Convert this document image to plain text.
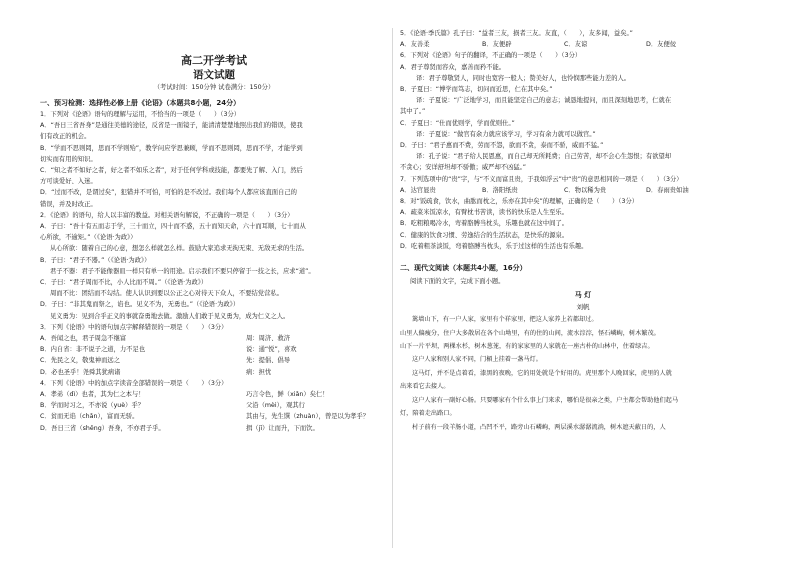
高二开学考试
语文试题
（考试时间：150分钟 试卷满分：150分）
一、预习检测：选择性必修上册《论语》（本题共8小题，24分）
1．下列对《论语》语句的理解与运用，不恰当的一项是（　　）（3分）
A．“吾日三省吾身”是通往美德的途径，反省是一面镜子，能清清楚楚地照出我们的错误，使我
们有改正的机会。
B．“学而不思则罔，思而不学则殆”，教学问应学思兼顾，学而不思则罔，思而不学，才能学到
切实而有用的知识。
C．“知之者不如好之者，好之者不如乐之者”，对于任何学科或技能，都要先了解、入门，然后
方可谈爱好、入迷。
D．“过而不改，是谓过矣”，犯错并不可怕，可怕的是不改过。我们每个人都应该直面自己的
错误，并及时改正。
2．《论语》的语句，给人以丰富的教益。对相关语句解说，不正确的一项是（　　）（3分）
A．子曰：“吾十有五而志于学，三十而立，四十而不惑，五十而知天命，六十而耳顺，七十而从
心所欲，不逾矩。”（《论语·为政》）
从心所欲：随着自己的心意，想怎么样就怎么样。鼓励大家追求无拘无束、无敌无求的生活。
B．子曰：“君子不器。”（《论语·为政》）
君子不器：君子不能像器皿一样只有单一的用途。启示我们不要只停留于一技之长，应求“道”。
C．子曰：“君子周而不比，小人比而不周。”（《论语·为政》）
周而不比：团结而不勾结。使人认识到要以公正之心对待天下众人，不要结党营私。
D．子曰：“非其鬼而祭之，谄也。见义不为，无勇也。”（《论语·为政》）
见义勇为：见到合乎正义的事就奋勇地去做。激励人们敢于见义勇为，成为仁义之人。
3．下列《论语》中的语句加点字解释错误的一项是（　　）（3分）
A．吾闻之也，君子周急不继富	周：周济、救济
B．内自省：非不说子之道，力不足也	说：通“悦”，喜欢
C．先民之义，敬鬼神而远之	先：提倡、倡导
D．必也圣乎！尧舜其犹病诸	病：担忧
4．下列《论语》中的加点字读音全部错误的一项是（　　）（3分）
A．孝弟（dì）也者，其为仁之本与！	巧言令色，鲜（xiǎn）矣仁！
B．学而时习之，不亦说（yuè）乎？	父沿（mèi），观其行
C．贫而无谄（chǎn），富而无骄。	其由与，先生馔（zhuàn），曾是以为孝乎？
D．吾日三省（shěng）吾身，不亦君子乎。	揖（jī）让而升，下而饮。
5．《论语·季氏篇》孔子曰：“益者三友，损者三友。友直，（　　），友多闻，益矣。”
A．友善柔	B．友便辟	C．友谅	D．友便佞
6．下列对《论语》句子的翻译，不正确的一项是（　　）（3分）
A．君子尊贤而容众，嘉善而矜不能。
译：君子尊敬贤人，同时也宽容一般人；赞美好人，也怜悯那些能力差的人。
B．子夏曰：“博学而笃志，切问而近思，仁在其中矣。”
译：子夏说：“广泛地学习，而且能坚定自己的意志；诚恳地提问，而且深刻地思考，仁就在
其中了。”
C．子夏曰：“仕而优则学，学而优则仕。”
译：子夏说：“做官有余力就应该学习，学习有余力就可以做官。”
D．子曰：“君子惠而不费，劳而不怨，欲而不贪，泰而不骄，威而不猛。”
译：孔子说：“君子给人民恩惠，而自己却无所耗费；自己劳苦，却不会心生怨恨；有欲望却
不贪心；安详舒坦却不骄傲；威严却不凶猛。”
7．下列选项中的“贵”字，与“不义而富且贵，于我如浮云”中“贵”的意思相同的一项是（　　）（3分）
A．达官显贵	B．洛阳纸贵	C．物以稀为贵	D．春雨贵如油
8．对“饭疏食，饮水，曲肱而枕之，乐亦在其中矣”的理解，正确的是（　　）（3分）
A．疏菜米饭凉水，有臂枕书苦读，读书的快乐是人生至乐。
B．吃粗粮喝冷水，弯着胳膊当枕头，乐趣也就在这中间了。
C．健康的饮食习惯、劳逸结合的生活状态，是快乐的源泉。
D．吃着粗茶淡饭，弯着胳膊当枕头，乐于过这样的生活也有乐趣。
二、现代文阅读（本题共4小题，16分）
阅读下面的文字，完成下面小题。
马 灯
刘帆
篱墙山下，有一户人家，家里有个祥家里，把这人家养上若都却过。
山里人偏瘦分，住户大多散居在各个山坳里，有的住的山间，流水淙淙，怪石嶙峋，树木繁茂。
山下一片平坝，两棵水杉，树木葱茏，有的家家里的人家就在一座古朴的山林中，住着绿吉。
这户人家和别人家不同，门楣上挂着一盏马灯。
这马灯，并不是点着看，漆黑的夜晚，它的用处就是个好用的。虎里那个人晚回家，虎里的人就
出来看它去接人。
这户人家有一副好心肠。只要哪家有个什么事上门来求，哪怕是很亲之类，户主都会帮助他们起马
灯，陪着走出路口。
村子前有一段羊肠小道，凸凹不平，路旁山石嶙峋，两层溪水潺潺流淌，树木遮天蔽日的，人
